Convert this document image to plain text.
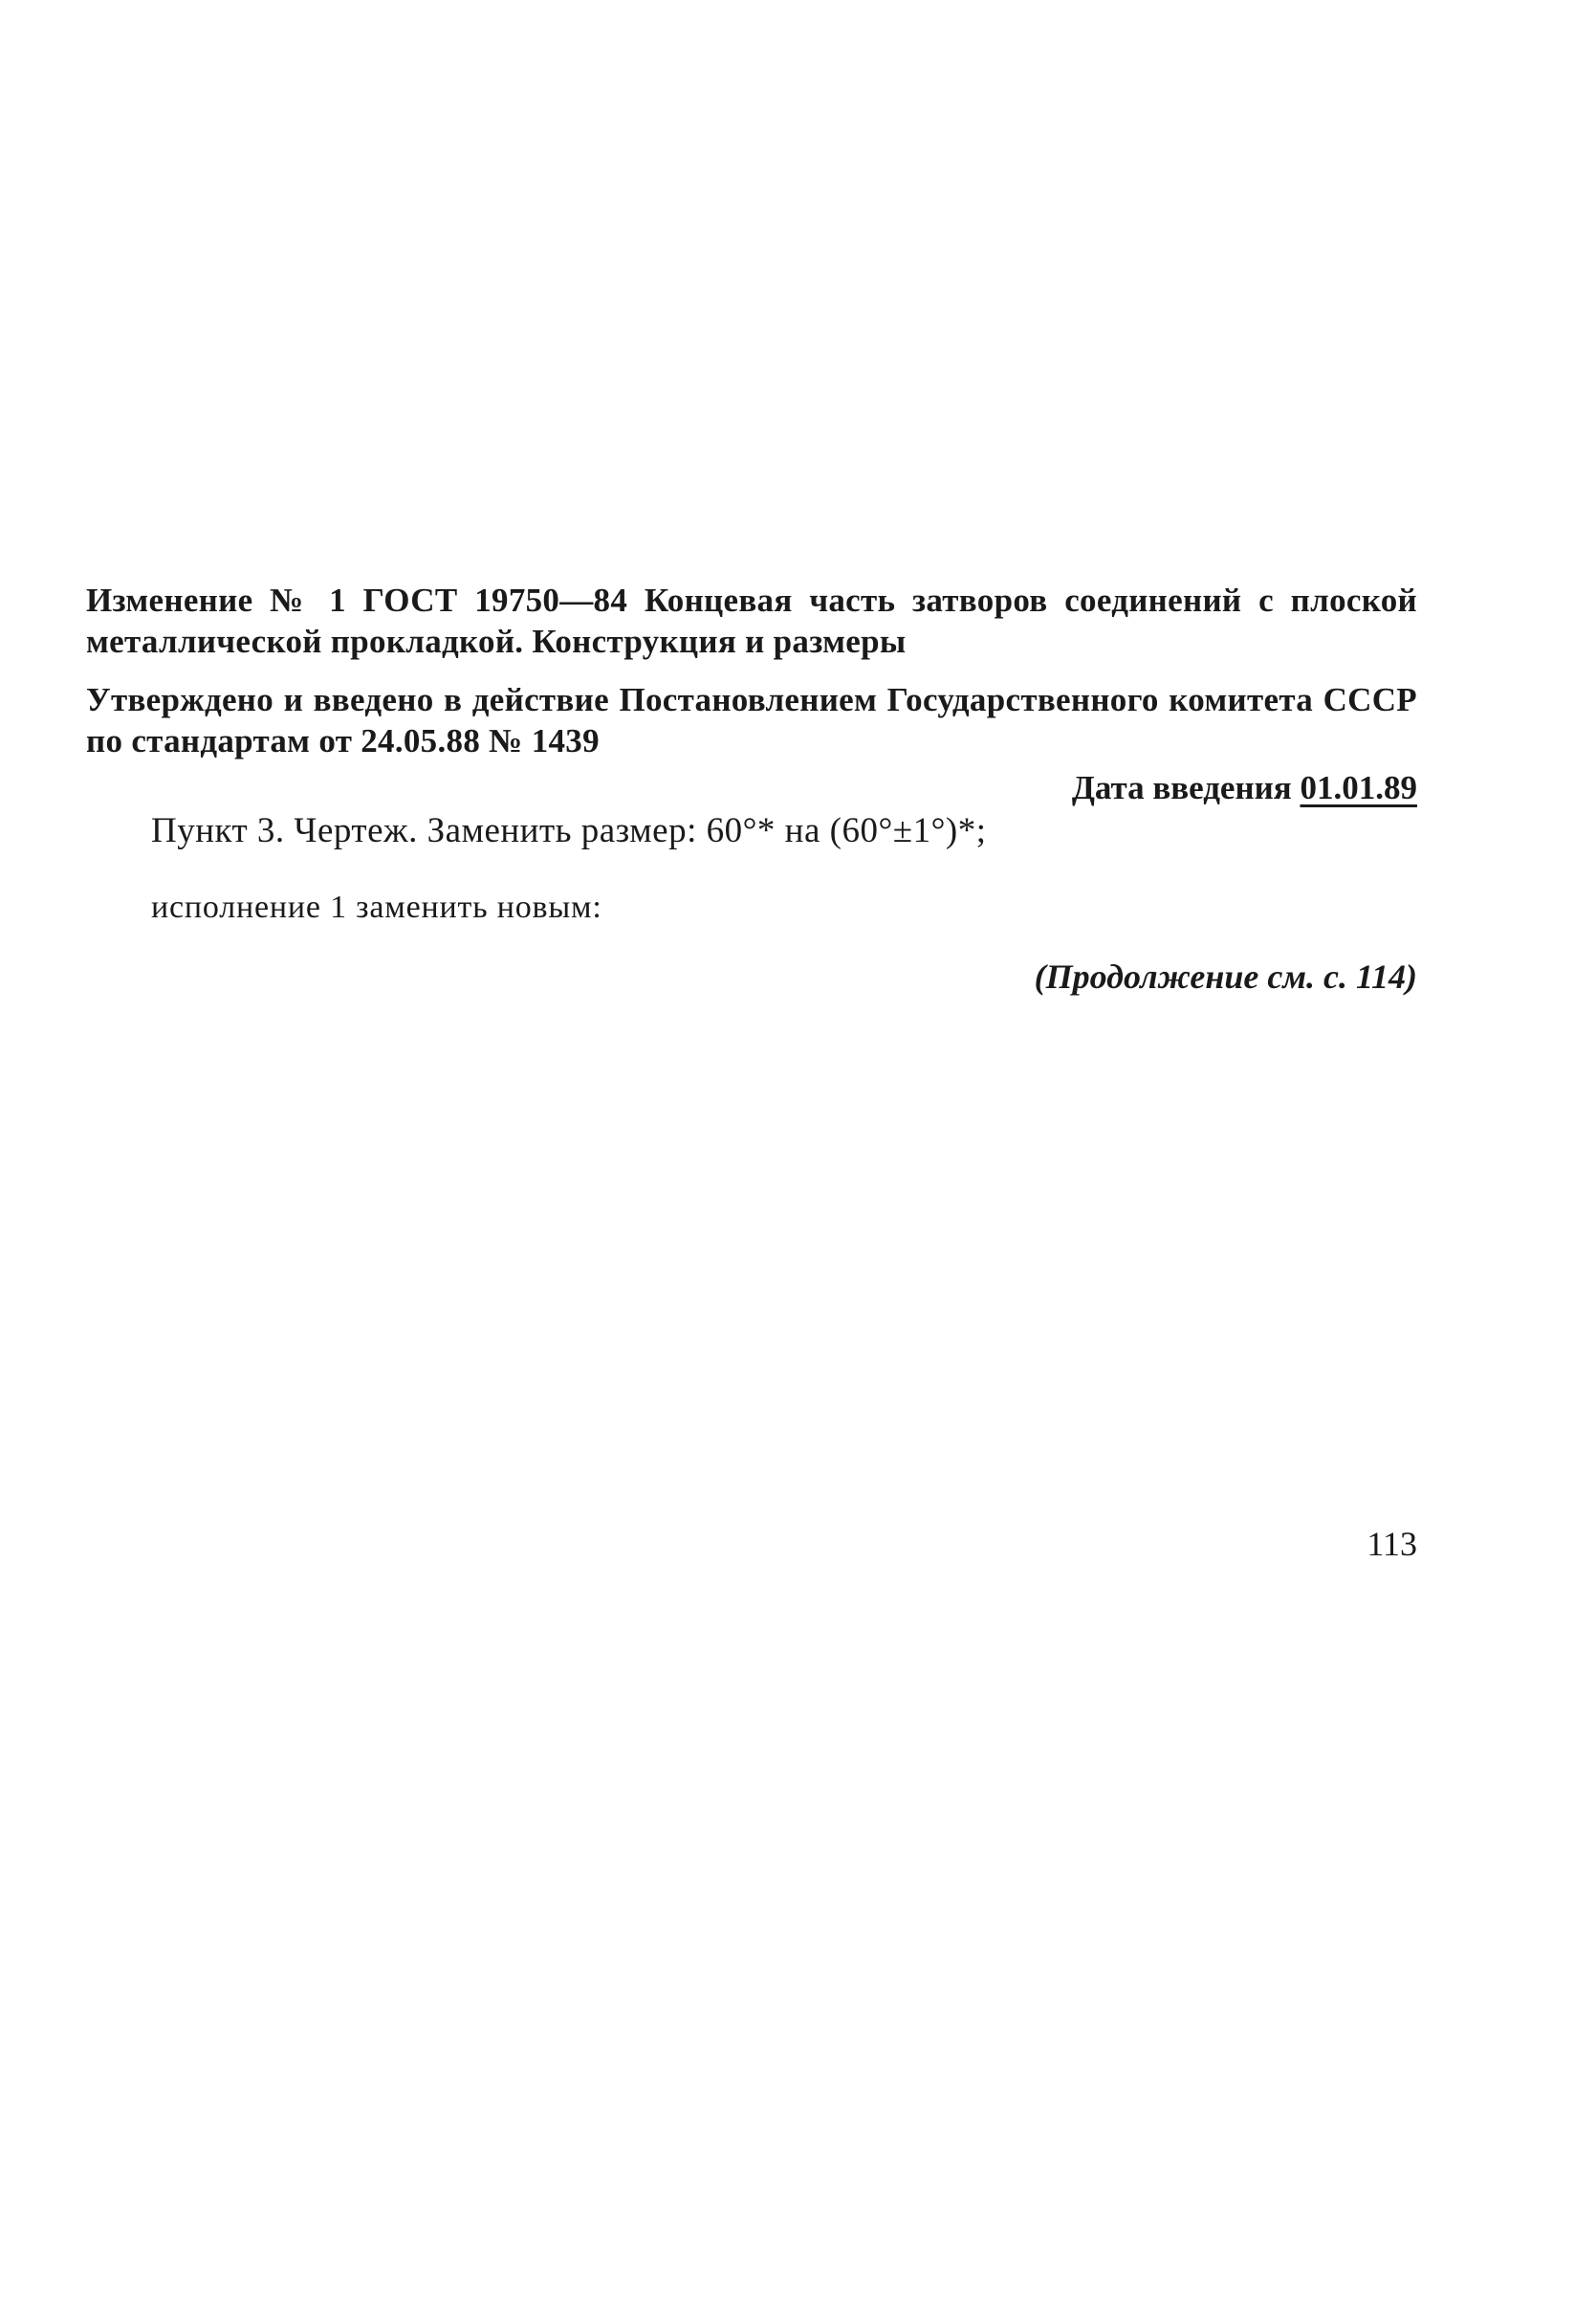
Изменение № 1 ГОСТ 19750—84 Концевая часть затворов соединений с плоской металлической прокладкой. Конструкция и размеры

Утверждено и введено в действие Постановлением Государственного комитета СССР по стандартам от 24.05.88 № 1439

Дата введения 01.01.89

Пункт 3. Чертеж. Заменить размер: 60°* на (60°±1°)*;

исполнение 1 заменить новым:

(Продолжение см. с. 114)

113
